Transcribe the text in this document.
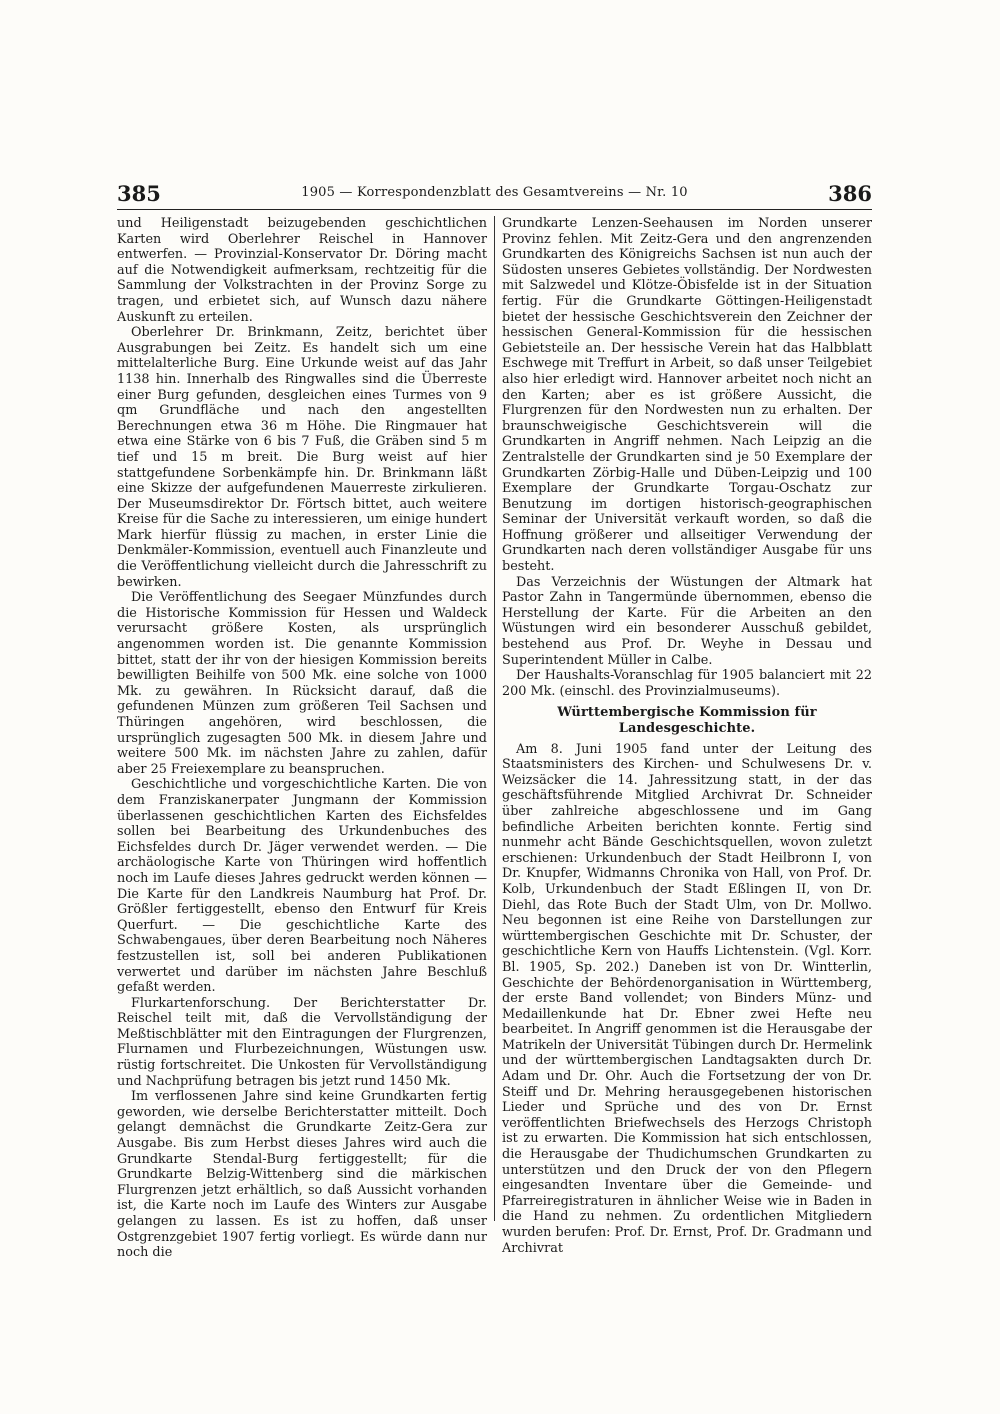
385	1905 — Korrespondenzblatt des Gesamtvereins — Nr. 10	386

und Heiligenstadt beizugebenden geschichtlichen Karten wird Oberlehrer Reischel in Hannover entwerfen. — Provinzial-Konservator Dr. Döring macht auf die Notwendigkeit aufmerksam, rechtzeitig für die Sammlung der Volkstrachten in der Provinz Sorge zu tragen, und erbietet sich, auf Wunsch dazu nähere Auskunft zu erteilen.

Oberlehrer Dr. Brinkmann, Zeitz, berichtet über Ausgrabungen bei Zeitz. Es handelt sich um eine mittelalterliche Burg. Eine Urkunde weist auf das Jahr 1138 hin. Innerhalb des Ringwalles sind die Überreste einer Burg gefunden, desgleichen eines Turmes von 9 qm Grundfläche und nach den angestellten Berechnungen etwa 36 m Höhe. Die Ringmauer hat etwa eine Stärke von 6 bis 7 Fuß, die Gräben sind 5 m tief und 15 m breit. Die Burg weist auf hier stattgefundene Sorbenkämpfe hin. Dr. Brinkmann läßt eine Skizze der aufgefundenen Mauerreste zirkulieren. Der Museumsdirektor Dr. Förtsch bittet, auch weitere Kreise für die Sache zu interessieren, um einige hundert Mark hierfür flüssig zu machen, in erster Linie die Denkmäler-Kommission, eventuell auch Finanzleute und die Veröffentlichung vielleicht durch die Jahresschrift zu bewirken.

Die Veröffentlichung des Seegaer Münzfundes durch die Historische Kommission für Hessen und Waldeck verursacht größere Kosten, als ursprünglich angenommen worden ist. Die genannte Kommission bittet, statt der ihr von der hiesigen Kommission bereits bewilligten Beihilfe von 500 Mk. eine solche von 1000 Mk. zu gewähren. In Rücksicht darauf, daß die gefundenen Münzen zum größeren Teil Sachsen und Thüringen angehören, wird beschlossen, die ursprünglich zugesagten 500 Mk. in diesem Jahre und weitere 500 Mk. im nächsten Jahre zu zahlen, dafür aber 25 Freiexemplare zu beanspruchen.

Geschichtliche und vorgeschichtliche Karten. Die von dem Franziskanerpater Jungmann der Kommission überlassenen geschichtlichen Karten des Eichsfeldes sollen bei Bearbeitung des Urkundenbuches des Eichsfeldes durch Dr. Jäger verwendet werden. — Die archäologische Karte von Thüringen wird hoffentlich noch im Laufe dieses Jahres gedruckt werden können — Die Karte für den Landkreis Naumburg hat Prof. Dr. Größler fertiggestellt, ebenso den Entwurf für Kreis Querfurt. — Die geschichtliche Karte des Schwabengaues, über deren Bearbeitung noch Näheres festzustellen ist, soll bei anderen Publikationen verwertet und darüber im nächsten Jahre Beschluß gefaßt werden.

Flurkartenforschung. Der Berichterstatter Dr. Reischel teilt mit, daß die Vervollständigung der Meßtischblätter mit den Eintragungen der Flurgrenzen, Flurnamen und Flurbezeichnungen, Wüstungen usw. rüstig fortschreitet. Die Unkosten für Vervollständigung und Nachprüfung betragen bis jetzt rund 1450 Mk.

Im verflossenen Jahre sind keine Grundkarten fertig geworden, wie derselbe Berichterstatter mitteilt. Doch gelangt demnächst die Grundkarte Zeitz-Gera zur Ausgabe. Bis zum Herbst dieses Jahres wird auch die Grundkarte Stendal-Burg fertiggestellt; für die Grundkarte Belzig-Wittenberg sind die märkischen Flurgrenzen jetzt erhältlich, so daß Aussicht vorhanden ist, die Karte noch im Laufe des Winters zur Ausgabe gelangen zu lassen. Es ist zu hoffen, daß unser Ostgrenzgebiet 1907 fertig vorliegt. Es würde dann nur noch die

Grundkarte Lenzen-Seehausen im Norden unserer Provinz fehlen. Mit Zeitz-Gera und den angrenzenden Grundkarten des Königreichs Sachsen ist nun auch der Südosten unseres Gebietes vollständig. Der Nordwesten mit Salzwedel und Klötze-Öbisfelde ist in der Situation fertig. Für die Grundkarte Göttingen-Heiligenstadt bietet der hessische Geschichtsverein den Zeichner der hessischen General-Kommission für die hessischen Gebietsteile an. Der hessische Verein hat das Halbblatt Eschwege mit Treffurt in Arbeit, so daß unser Teilgebiet also hier erledigt wird. Hannover arbeitet noch nicht an den Karten; aber es ist größere Aussicht, die Flurgrenzen für den Nordwesten nun zu erhalten. Der braunschweigische Geschichtsverein will die Grundkarten in Angriff nehmen. Nach Leipzig an die Zentralstelle der Grundkarten sind je 50 Exemplare der Grundkarten Zörbig-Halle und Düben-Leipzig und 100 Exemplare der Grundkarte Torgau-Oschatz zur Benutzung im dortigen historisch-geographischen Seminar der Universität verkauft worden, so daß die Hoffnung größerer und allseitiger Verwendung der Grundkarten nach deren vollständiger Ausgabe für uns besteht.

Das Verzeichnis der Wüstungen der Altmark hat Pastor Zahn in Tangermünde übernommen, ebenso die Herstellung der Karte. Für die Arbeiten an den Wüstungen wird ein besonderer Ausschuß gebildet, bestehend aus Prof. Dr. Weyhe in Dessau und Superintendent Müller in Calbe.

Der Haushalts-Voranschlag für 1905 balanciert mit 22 200 Mk. (einschl. des Provinzialmuseums).

Württembergische Kommission für Landesgeschichte.

Am 8. Juni 1905 fand unter der Leitung des Staatsministers des Kirchen- und Schulwesens Dr. v. Weizsäcker die 14. Jahressitzung statt, in der das geschäftsführende Mitglied Archivrat Dr. Schneider über zahlreiche abgeschlossene und im Gang befindliche Arbeiten berichten konnte. Fertig sind nunmehr acht Bände Geschichtsquellen, wovon zuletzt erschienen: Urkundenbuch der Stadt Heilbronn I, von Dr. Knupfer, Widmanns Chronika von Hall, von Prof. Dr. Kolb, Urkundenbuch der Stadt Eßlingen II, von Dr. Diehl, das Rote Buch der Stadt Ulm, von Dr. Mollwo. Neu begonnen ist eine Reihe von Darstellungen zur württembergischen Geschichte mit Dr. Schuster, der geschichtliche Kern von Hauffs Lichtenstein. (Vgl. Korr. Bl. 1905, Sp. 202.) Daneben ist von Dr. Wintterlin, Geschichte der Behördenorganisation in Württemberg, der erste Band vollendet; von Binders Münz- und Medaillenkunde hat Dr. Ebner zwei Hefte neu bearbeitet. In Angriff genommen ist die Herausgabe der Matrikeln der Universität Tübingen durch Dr. Hermelink und der württembergischen Landtagsakten durch Dr. Adam und Dr. Ohr. Auch die Fortsetzung der von Dr. Steiff und Dr. Mehring herausgegebenen historischen Lieder und Sprüche und des von Dr. Ernst veröffentlichten Briefwechsels des Herzogs Christoph ist zu erwarten. Die Kommission hat sich entschlossen, die Herausgabe der Thudichumschen Grundkarten zu unterstützen und den Druck der von den Pflegern eingesandten Inventare über die Gemeinde- und Pfarreiregistraturen in ähnlicher Weise wie in Baden in die Hand zu nehmen. Zu ordentlichen Mitgliedern wurden berufen: Prof. Dr. Ernst, Prof. Dr. Gradmann und Archivrat
